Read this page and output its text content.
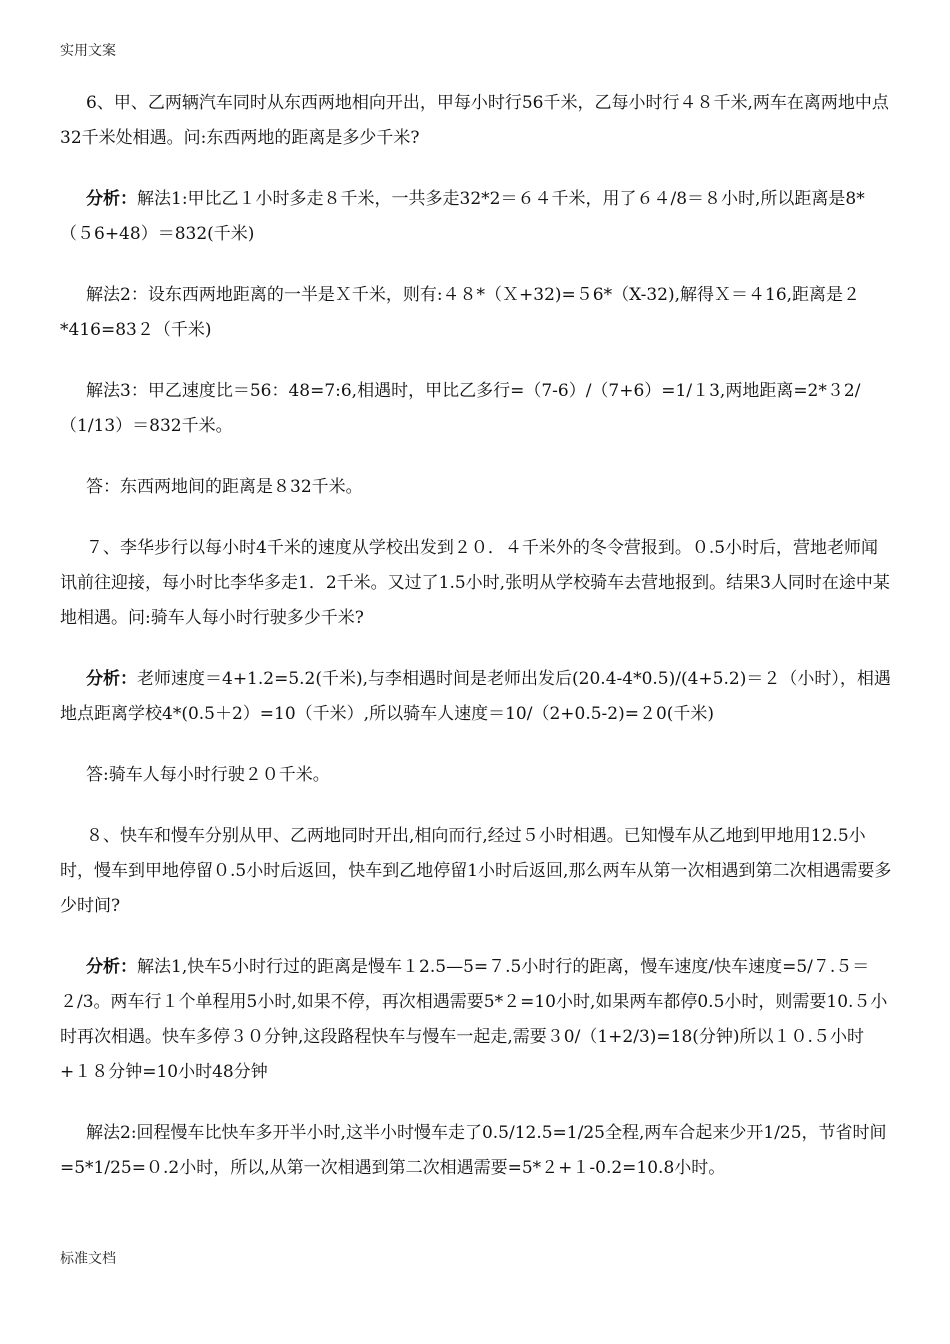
实用文案

6、甲、乙两辆汽车同时从东西两地相向开出，甲每小时行56千米，乙每小时行４８千米,两车在离两地中点32千米处相遇。问:东西两地的距离是多少千米?

分析：解法1:甲比乙１小时多走８千米，一共多走32*2＝６４千米，用了６４/8＝８小时,所以距离是8*（５6+48）＝832(千米)

解法2：设东西两地距离的一半是Ｘ千米，则有:４８*（Ｘ+32)=５6*（X-32),解得Ｘ＝４16,距离是２*416=83２（千米)

解法3：甲乙速度比＝56：48=7:6,相遇时，甲比乙多行=（7-6）/（7+6）=1/１3,两地距离=2*３2/（1/13）＝832千米。

答：东西两地间的距离是８32千米。

７、李华步行以每小时4千米的速度从学校出发到２０．４千米外的冬令营报到。０.5小时后，营地老师闻讯前往迎接，每小时比李华多走1．2千米。又过了1.5小时,张明从学校骑车去营地报到。结果3人同时在途中某地相遇。问:骑车人每小时行驶多少千米?

分析：老师速度＝4+1.2=5.2(千米),与李相遇时间是老师出发后(20.4-4*0.5)/(4+5.2)＝２（小时），相遇地点距离学校4*(0.5＋2）=10（千米）,所以骑车人速度＝10/（2+0.5-2)=２0(千米)

答:骑车人每小时行驶２０千米。

８、快车和慢车分别从甲、乙两地同时开出,相向而行,经过５小时相遇。已知慢车从乙地到甲地用12.5小时，慢车到甲地停留０.5小时后返回，快车到乙地停留1小时后返回,那么两车从第一次相遇到第二次相遇需要多少时间?

分析：解法1,快车5小时行过的距离是慢车１2.5—5=７.5小时行的距离，慢车速度/快车速度=5/７.５＝２/3。两车行１个单程用5小时,如果不停，再次相遇需要5*２=10小时,如果两车都停0.5小时，则需要10.５小时再次相遇。快车多停３０分钟,这段路程快车与慢车一起走,需要３0/（1+2/3)=18(分钟)所以１０.５小时+１８分钟=10小时48分钟

解法2:回程慢车比快车多开半小时,这半小时慢车走了0.5/12.5=1/25全程,两车合起来少开1/25，节省时间=5*1/25=０.2小时，所以,从第一次相遇到第二次相遇需要=5*２+１-0.2=10.8小时。

标准文档
